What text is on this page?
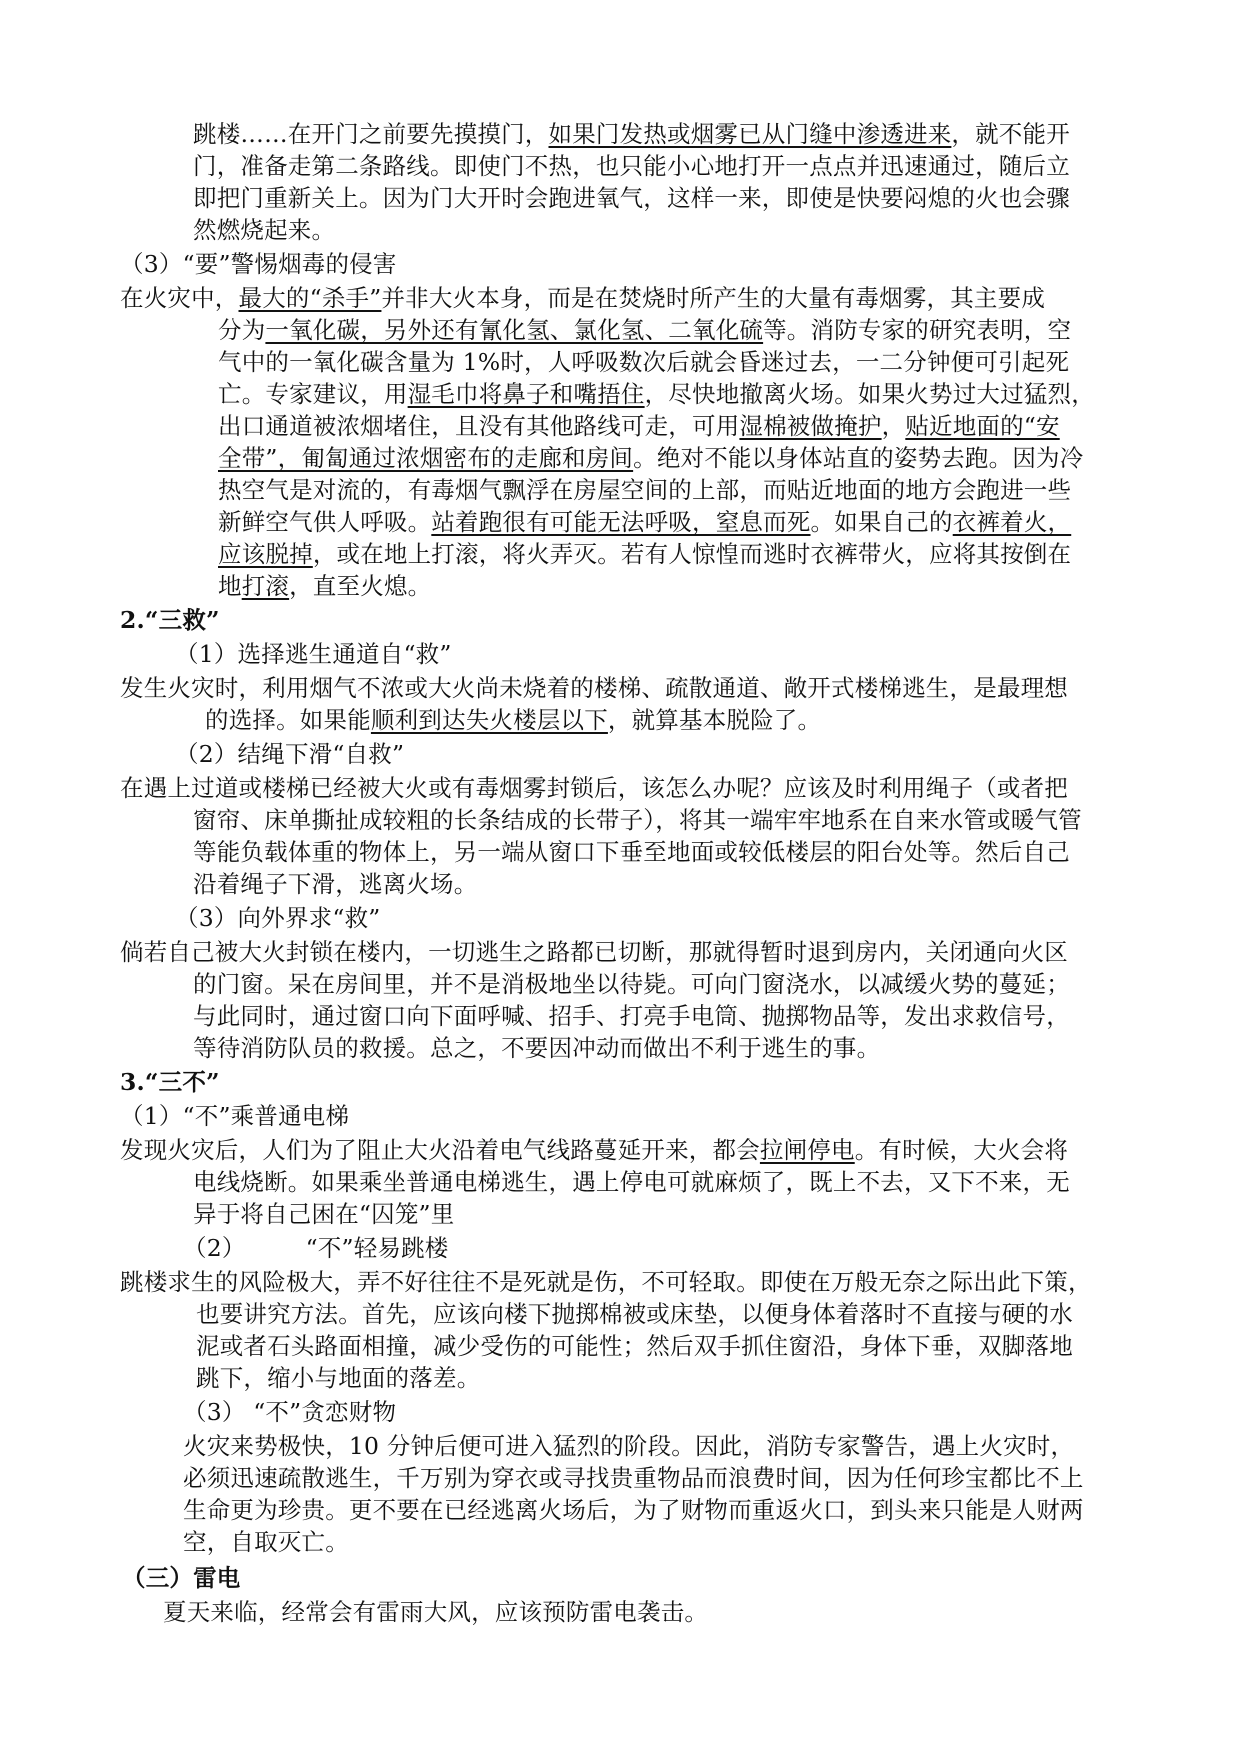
跳楼……在开门之前要先摸摸门，如果门发热或烟雾已从门缝中渗透进来，就不能开
门，准备走第二条路线。即使门不热，也只能小心地打开一点点并迅速通过，随后立
即把门重新关上。因为门大开时会跑进氧气，这样一来，即使是快要闷熄的火也会骤
然燃烧起来。
（3）“要”警惕烟毒的侵害
在火灾中，最大的“杀手”并非大火本身，而是在焚烧时所产生的大量有毒烟雾，其主要成
分为一氧化碳，另外还有氰化氢、氯化氢、二氧化硫等。消防专家的研究表明，空
气中的一氧化碳含量为 1%时，人呼吸数次后就会昏迷过去，一二分钟便可引起死
亡。专家建议，用湿毛巾将鼻子和嘴捂住，尽快地撤离火场。如果火势过大过猛烈，
出口通道被浓烟堵住，且没有其他路线可走，可用湿棉被做掩护，贴近地面的“安
全带”，匍匐通过浓烟密布的走廊和房间。绝对不能以身体站直的姿势去跑。因为冷
热空气是对流的，有毒烟气飘浮在房屋空间的上部，而贴近地面的地方会跑进一些
新鲜空气供人呼吸。站着跑很有可能无法呼吸，窒息而死。如果自己的衣裤着火，
应该脱掉，或在地上打滚，将火弄灭。若有人惊惶而逃时衣裤带火，应将其按倒在
地打滚，直至火熄。
2.“三救”
（1）选择逃生通道自“救”
发生火灾时，利用烟气不浓或大火尚未烧着的楼梯、疏散通道、敞开式楼梯逃生，是最理想
的选择。如果能顺利到达失火楼层以下，就算基本脱险了。
（2）结绳下滑“自救”
在遇上过道或楼梯已经被大火或有毒烟雾封锁后，该怎么办呢？应该及时利用绳子（或者把
窗帘、床单撕扯成较粗的长条结成的长带子），将其一端牢牢地系在自来水管或暖气管
等能负载体重的物体上，另一端从窗口下垂至地面或较低楼层的阳台处等。然后自己
沿着绳子下滑，逃离火场。
（3）向外界求“救”
倘若自己被大火封锁在楼内，一切逃生之路都已切断，那就得暂时退到房内，关闭通向火区
的门窗。呆在房间里，并不是消极地坐以待毙。可向门窗浇水，以减缓火势的蔓延；
与此同时，通过窗口向下面呼喊、招手、打亮手电筒、抛掷物品等，发出求救信号，
等待消防队员的救援。总之，不要因冲动而做出不利于逃生的事。
3.“三不”
（1）“不”乘普通电梯
发现火灾后，人们为了阻止大火沿着电气线路蔓延开来，都会拉闸停电。有时候，大火会将
电线烧断。如果乘坐普通电梯逃生，遇上停电可就麻烦了，既上不去，又下不来，无
异于将自己困在“囚笼”里
（2）	“不”轻易跳楼
跳楼求生的风险极大，弄不好往往不是死就是伤，不可轻取。即使在万般无奈之际出此下策，
也要讲究方法。首先，应该向楼下抛掷棉被或床垫，以便身体着落时不直接与硬的水
泥或者石头路面相撞，减少受伤的可能性；然后双手抓住窗沿，身体下垂，双脚落地
跳下，缩小与地面的落差。
（3） “不”贪恋财物
火灾来势极快，10 分钟后便可进入猛烈的阶段。因此，消防专家警告，遇上火灾时，
必须迅速疏散逃生，千万别为穿衣或寻找贵重物品而浪费时间，因为任何珍宝都比不上
生命更为珍贵。更不要在已经逃离火场后，为了财物而重返火口，到头来只能是人财两
空，自取灭亡。
（三）雷电
夏天来临，经常会有雷雨大风，应该预防雷电袭击。
